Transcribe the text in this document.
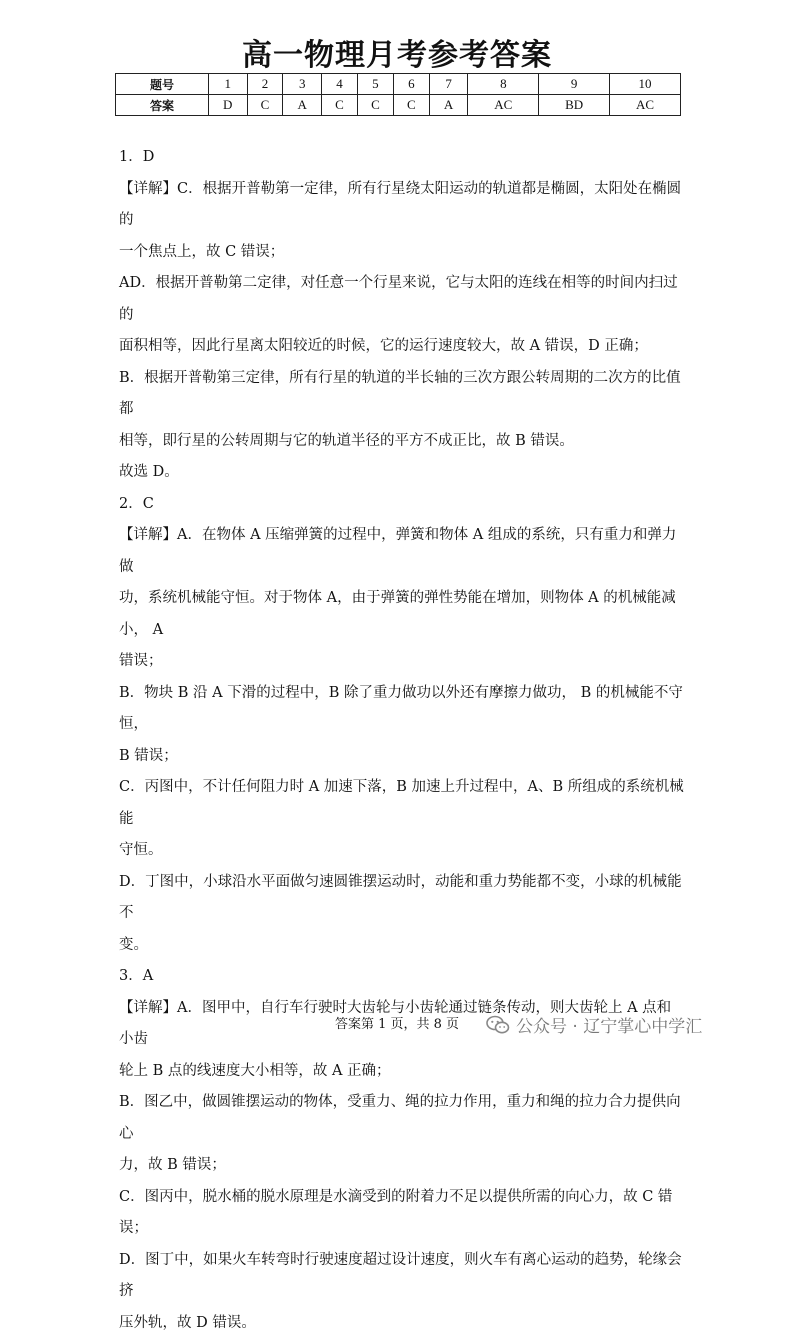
高一物理月考参考答案
题号	1	2	3	4	5	6	7	8	9	10
答案	D	C	A	C	C	C	A	AC	BD	AC

1．D

【详解】C．根据开普勒第一定律，所有行星绕太阳运动的轨道都是椭圆，太阳处在椭圆的

一个焦点上，故 C 错误；

AD．根据开普勒第二定律，对任意一个行星来说，它与太阳的连线在相等的时间内扫过的

面积相等，因此行星离太阳较近的时候，它的运行速度较大，故 A 错误，D 正确；

B．根据开普勒第三定律，所有行星的轨道的半长轴的三次方跟公转周期的二次方的比值都

相等，即行星的公转周期与它的轨道半径的平方不成正比，故 B 错误。

故选 D。

2．C

【详解】A．在物体 A 压缩弹簧的过程中，弹簧和物体 A 组成的系统，只有重力和弹力做

功，系统机械能守恒。对于物体 A，由于弹簧的弹性势能在增加，则物体 A 的机械能减小， A

错误；

B．物块 B 沿 A 下滑的过程中，B 除了重力做功以外还有摩擦力做功， B 的机械能不守恒，

B 错误；

C．丙图中，不计任何阻力时 A 加速下落，B 加速上升过程中，A、B 所组成的系统机械能

守恒。

D．丁图中，小球沿水平面做匀速圆锥摆运动时，动能和重力势能都不变，小球的机械能不

变。

3．A

【详解】A．图甲中，自行车行驶时大齿轮与小齿轮通过链条传动，则大齿轮上 A 点和小齿

轮上 B 点的线速度大小相等，故 A 正确；

B．图乙中，做圆锥摆运动的物体，受重力、绳的拉力作用，重力和绳的拉力合力提供向心

力，故 B 错误；

C．图丙中，脱水桶的脱水原理是水滴受到的附着力不足以提供所需的向心力，故 C 错误；

D．图丁中，如果火车转弯时行驶速度超过设计速度，则火车有离心运动的趋势，轮缘会挤

压外轨，故 D 错误。

答案第 1 页，共 8 页	公众号 · 辽宁掌心中学汇
